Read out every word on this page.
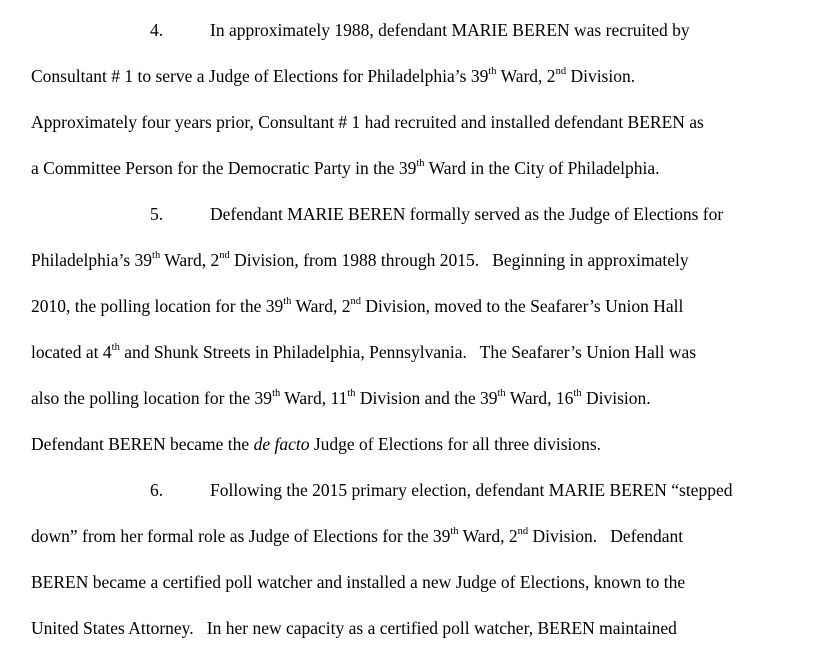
4.	In approximately 1988, defendant MARIE BEREN was recruited by
Consultant # 1 to serve a Judge of Elections for Philadelphia’s 39th Ward, 2nd Division.
Approximately four years prior, Consultant # 1 had recruited and installed defendant BEREN as
a Committee Person for the Democratic Party in the 39th Ward in the City of Philadelphia.
5.	Defendant MARIE BEREN formally served as the Judge of Elections for
Philadelphia’s 39th Ward, 2nd Division, from 1988 through 2015.   Beginning in approximately
2010, the polling location for the 39th Ward, 2nd Division, moved to the Seafarer’s Union Hall
located at 4th and Shunk Streets in Philadelphia, Pennsylvania.   The Seafarer’s Union Hall was
also the polling location for the 39th Ward, 11th Division and the 39th Ward, 16th Division.
Defendant BEREN became the de facto Judge of Elections for all three divisions.
6.	Following the 2015 primary election, defendant MARIE BEREN “stepped
down” from her formal role as Judge of Elections for the 39th Ward, 2nd Division.   Defendant
BEREN became a certified poll watcher and installed a new Judge of Elections, known to the
United States Attorney.   In her new capacity as a certified poll watcher, BEREN maintained
